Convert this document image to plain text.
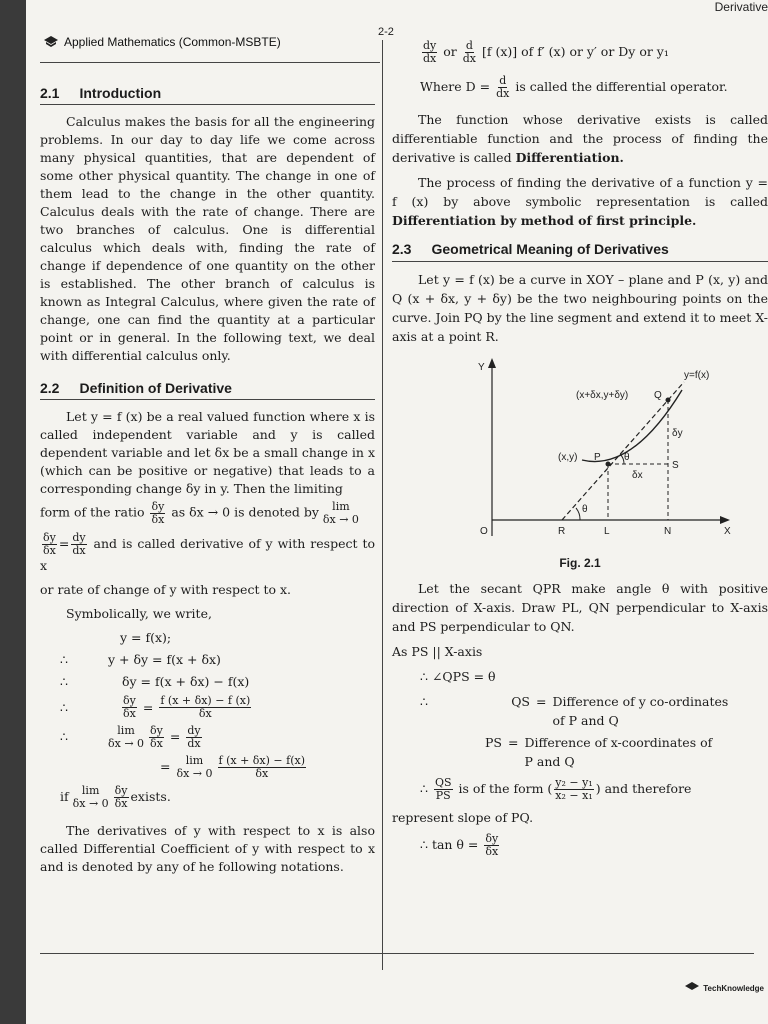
Derivative
Applied Mathematics (Common-MSBTE)
2-2
2.1 Introduction

Calculus makes the basis for all the engineering problems. In our day to day life we come across many physical quantities, that are dependent of some other physical quantity. The change in one of them lead to the change in the other quantity. Calculus deals with the rate of change. There are two branches of calculus. One is differential calculus which deals with, finding the rate of change if dependence of one quantity on the other is established. The other branch of calculus is known as Integral Calculus, where given the rate of change, one can find the quantity at a particular point or in general. In the following text, we deal with differential calculus only.

2.2 Definition of Derivative

Let y = f (x) be a real valued function where x is called independent variable and y is called dependent variable and let δx be a small change in x (which can be positive or negative) that leads to a corresponding change δy in y. Then the limiting

form of the ratio $\frac{\delta y}{\delta x}$ as δx → 0 is denoted by lim
δx → 0

$\frac{\delta y}{\delta x} = \frac{dy}{dx}$ and is called derivative of y with respect to x

or rate of change of y with respect to x.

Symbolically, we write,

y = f(x);
∴	y + δy = f(x + δx)
∴	δy = f(x + δx) − f(x)
∴	$\frac{\delta y}{\delta x} = \frac{f (x + \delta x) - f (x)}{\delta x}$
∴	lim
$\delta x \to 0 \frac{\delta y}{\delta x} = \frac{dy}{dx}$
= lim
$\delta x \to 0 \frac{f (x + \delta x) - f(x)}{\delta x}$
if lim
$\delta x \to 0 \frac{\delta y}{\delta x}$ exists.

The derivatives of y with respect to x is also called Differential Coefficient of y with respect to x and is denoted by any of he following notations.

$\frac{dy}{dx}$ or $\frac{d}{dx} [f$ (x)] of f′ (x) or y′ or Dy or y₁

Where $D = \frac{d}{dx}$ is called the differential operator.

The function whose derivative exists is called differentiable function and the process of finding the derivative is called Differentiation.

The process of finding the derivative of a function y = f (x) by above symbolic representation is called Differentiation by method of first principle.

2.3 Geometrical Meaning of Derivatives

Let y = f (x) be a curve in XOY – plane and P (x, y) and Q (x + δx, y + δy) be the two neighbouring points on the curve. Join PQ by the line segment and extend it to meet X-axis at a point R.

Y
X
O	R	L	N
P
Q
S
y=f(x)
(x+δx,y+δy)
(x,y)
δy
δx
θ
θ
Fig. 2.1

Let the secant QPR make angle θ with positive direction of X-axis. Draw PL, QN perpendicular to X-axis and PS perpendicular to QN.

As PS || X-axis

∴ ∠QPS = θ

∴	QS = Difference of y co-ordinates of P and Q
PS = Difference of x-coordinates of P and Q

∴ $\frac{QS}{PS}$ is of the form ( $\frac{\text{y₂ − y₁}}{\text{x₂ − x₁}}$ ) and therefore

represent slope of PQ.

∴ $\tan \theta = \frac{\delta y}{\delta x}$

TechKnowledge
